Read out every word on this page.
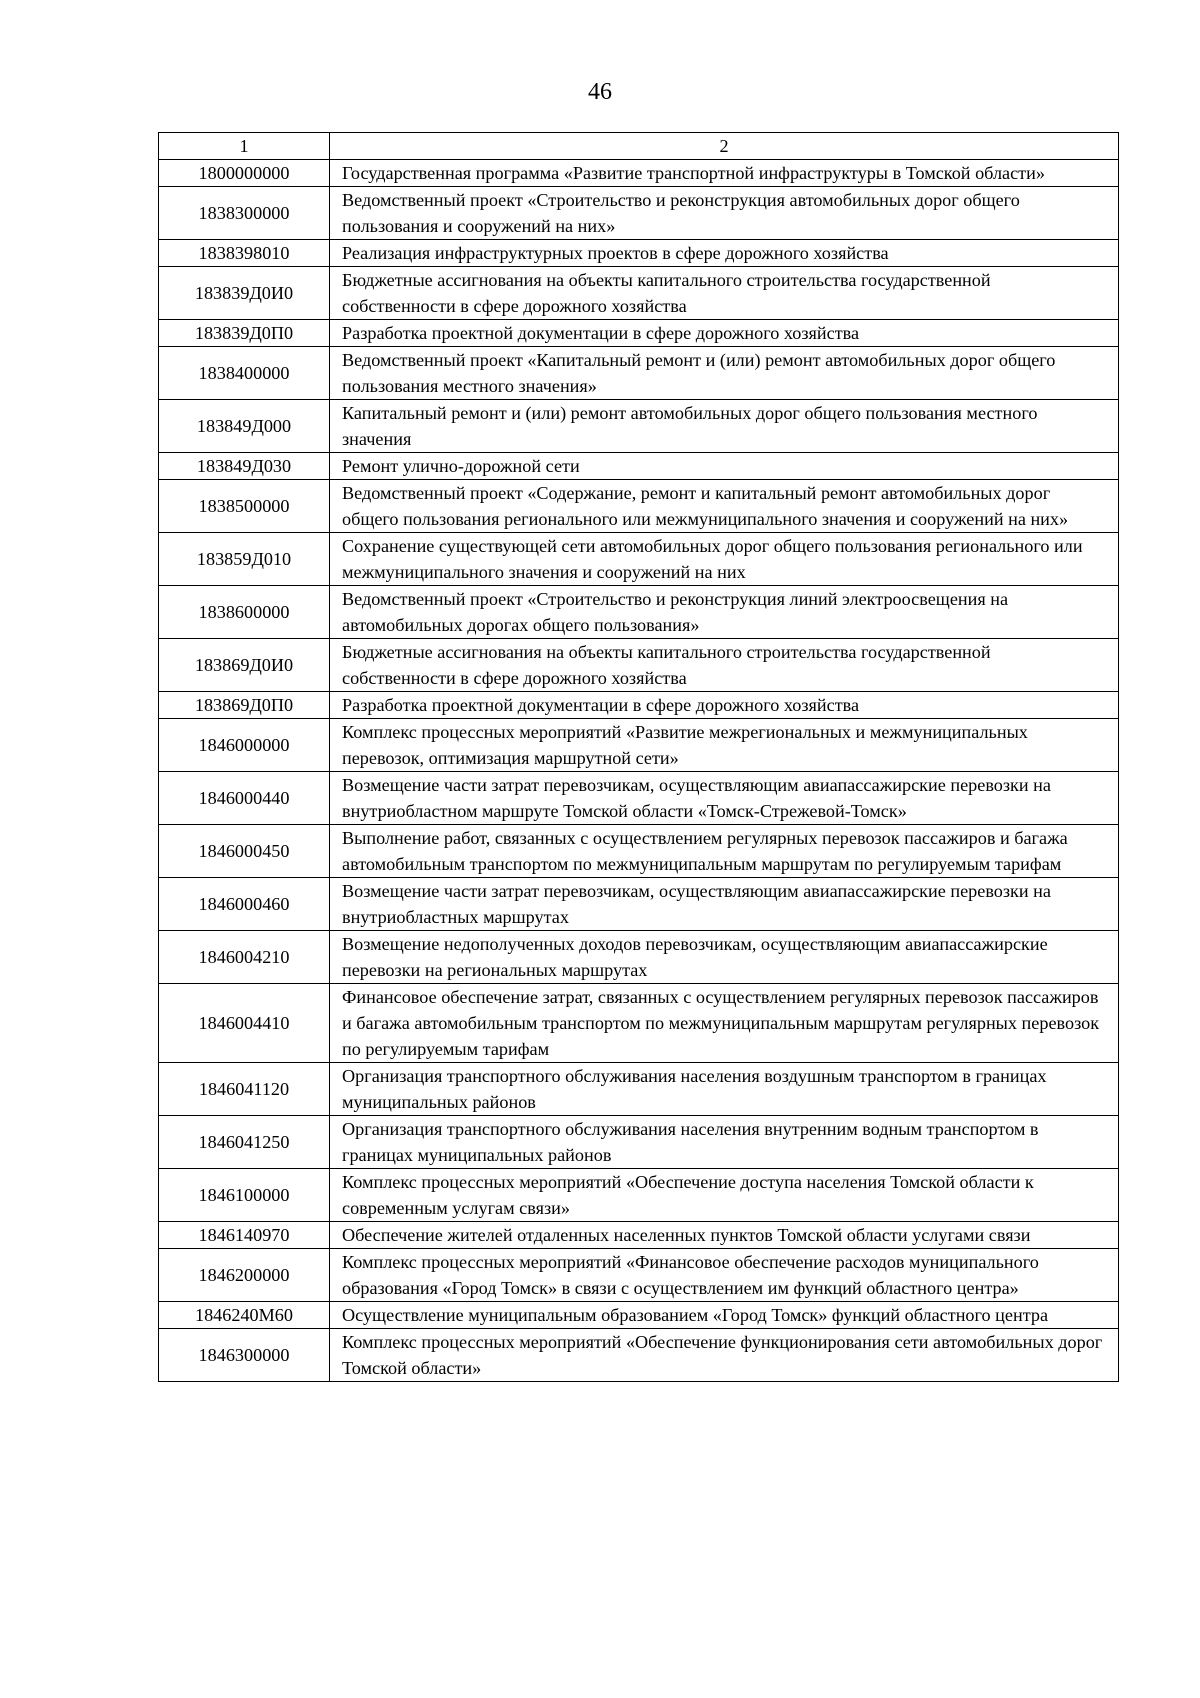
46
1	2
1800000000	Государственная программа «Развитие транспортной инфраструктуры в Томской области»
1838300000	Ведомственный проект «Строительство и реконструкция автомобильных дорог общего пользования и сооружений на них»
1838398010	Реализация инфраструктурных проектов в сфере дорожного хозяйства
183839Д0И0	Бюджетные ассигнования на объекты капитального строительства государственной собственности в сфере дорожного хозяйства
183839Д0П0	Разработка проектной документации в сфере дорожного хозяйства
1838400000	Ведомственный проект «Капитальный ремонт и (или) ремонт автомобильных дорог общего пользования местного значения»
183849Д000	Капитальный ремонт и (или) ремонт автомобильных дорог общего пользования местного значения
183849Д030	Ремонт улично-дорожной сети
1838500000	Ведомственный проект «Содержание, ремонт и капитальный ремонт автомобильных дорог общего пользования регионального или межмуниципального значения и сооружений на них»
183859Д010	Сохранение существующей сети автомобильных дорог общего пользования регионального или межмуниципального значения и сооружений на них
1838600000	Ведомственный проект «Строительство и реконструкция линий электроосвещения на автомобильных дорогах общего пользования»
183869Д0И0	Бюджетные ассигнования на объекты капитального строительства государственной собственности в сфере дорожного хозяйства
183869Д0П0	Разработка проектной документации в сфере дорожного хозяйства
1846000000	Комплекс процессных мероприятий «Развитие межрегиональных и межмуниципальных перевозок, оптимизация маршрутной сети»
1846000440	Возмещение части затрат перевозчикам, осуществляющим авиапассажирские перевозки на внутриобластном маршруте Томской области «Томск-Стрежевой-Томск»
1846000450	Выполнение работ, связанных с осуществлением регулярных перевозок пассажиров и багажа автомобильным транспортом по межмуниципальным маршрутам по регулируемым тарифам
1846000460	Возмещение части затрат перевозчикам, осуществляющим авиапассажирские перевозки на внутриобластных маршрутах
1846004210	Возмещение недополученных доходов перевозчикам, осуществляющим авиапассажирские перевозки на региональных маршрутах
1846004410	Финансовое обеспечение затрат, связанных с осуществлением регулярных перевозок пассажиров и багажа автомобильным транспортом по межмуниципальным маршрутам регулярных перевозок по регулируемым тарифам
1846041120	Организация транспортного обслуживания населения воздушным транспортом в границах муниципальных районов
1846041250	Организация транспортного обслуживания населения внутренним водным транспортом в границах муниципальных районов
1846100000	Комплекс процессных мероприятий «Обеспечение доступа населения Томской области к современным услугам связи»
1846140970	Обеспечение жителей отдаленных населенных пунктов Томской области услугами связи
1846200000	Комплекс процессных мероприятий «Финансовое обеспечение расходов муниципального образования «Город Томск» в связи с осуществлением им функций областного центра»
1846240М60	Осуществление муниципальным образованием «Город Томск» функций областного центра
1846300000	Комплекс процессных мероприятий «Обеспечение функционирования сети автомобильных дорог Томской области»
